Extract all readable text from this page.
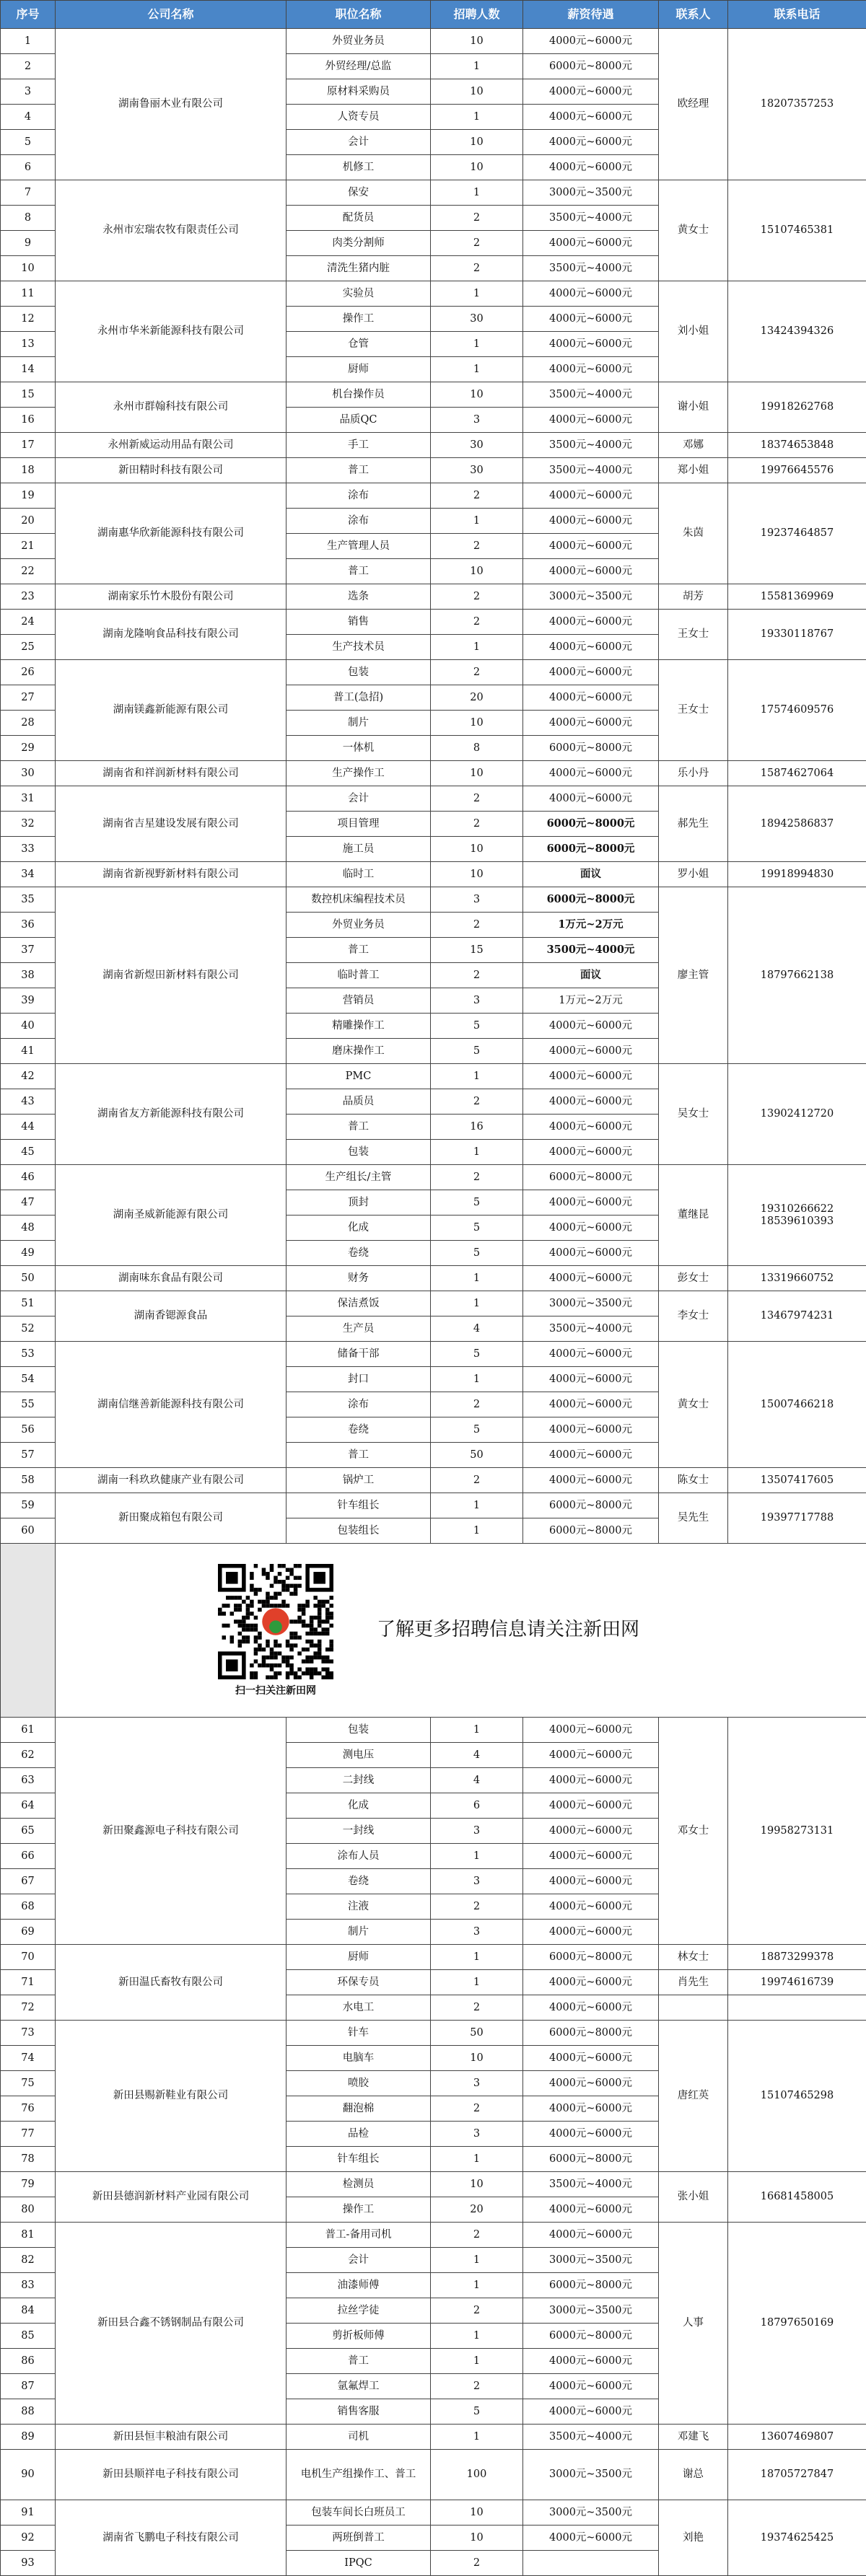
序号	公司名称	职位名称	招聘人数	薪资待遇	联系人	联系电话
1	湖南鲁丽木业有限公司	外贸业务员	10	4000元~6000元	欧经理	18207357253
2		外贸经理/总监	1	6000元~8000元		
3		原材料采购员	10	4000元~6000元		
4		人资专员	1	4000元~6000元		
5		会计	10	4000元~6000元		
6		机修工	10	4000元~6000元		
7	永州市宏瑞农牧有限责任公司	保安	1	3000元~3500元	黄女士	15107465381
8		配货员	2	3500元~4000元		
9		肉类分割师	2	4000元~6000元		
10		清洗生猪内脏	2	3500元~4000元		
11	永州市华米新能源科技有限公司	实验员	1	4000元~6000元	刘小姐	13424394326
12		操作工	30	4000元~6000元		
13		仓管	1	4000元~6000元		
14		厨师	1	4000元~6000元		
15	永州市群翰科技有限公司	机台操作员	10	3500元~4000元	谢小姐	19918262768
16		品质QC	3	4000元~6000元		
17	永州新威运动用品有限公司	手工	30	3500元~4000元	邓娜	18374653848
18	新田精时科技有限公司	普工	30	3500元~4000元	郑小姐	19976645576
19	湖南惠华欣新能源科技有限公司	涂布	2	4000元~6000元	朱茵	19237464857
20		涂布	1	4000元~6000元		
21		生产管理人员	2	4000元~6000元		
22		普工	10	4000元~6000元		
23	湖南家乐竹木股份有限公司	选条	2	3000元~3500元	胡芳	15581369969
24	湖南龙隆响食品科技有限公司	销售	2	4000元~6000元	王女士	19330118767
25		生产技术员	1	4000元~6000元		
26	湖南镁鑫新能源有限公司	包装	2	4000元~6000元	王女士	17574609576
27		普工(急招)	20	4000元~6000元		
28		制片	10	4000元~6000元		
29		一体机	8	6000元~8000元		
30	湖南省和祥润新材料有限公司	生产操作工	10	4000元~6000元	乐小丹	15874627064
31	湖南省吉星建设发展有限公司	会计	2	4000元~6000元	郝先生	18942586837
32		项目管理	2	6000元~8000元		
33		施工员	10	6000元~8000元		
34	湖南省新视野新材料有限公司	临时工	10	面议	罗小姐	19918994830
35	湖南省新煜田新材料有限公司	数控机床编程技术员	3	6000元~8000元	廖主管	18797662138
36		外贸业务员	2	1万元~2万元		
37		普工	15	3500元~4000元		
38		临时普工	2	面议		
39		营销员	3	1万元~2万元		
40		精雕操作工	5	4000元~6000元		
41		磨床操作工	5	4000元~6000元		
42	湖南省友方新能源科技有限公司	PMC	1	4000元~6000元	吴女士	13902412720
43		品质员	2	4000元~6000元		
44		普工	16	4000元~6000元		
45		包装	1	4000元~6000元		
46	湖南圣威新能源有限公司	生产组长/主管	2	6000元~8000元	董继昆	19310266622 18539610393
47		顶封	5	4000元~6000元		
48		化成	5	4000元~6000元		
49		卷绕	5	4000元~6000元		
50	湖南味东食品有限公司	财务	1	4000元~6000元	彭女士	13319660752
51	湖南香锶源食品	保洁煮饭	1	3000元~3500元	李女士	13467974231
52		生产员	4	3500元~4000元		
53	湖南信继善新能源科技有限公司	储备干部	5	4000元~6000元	黄女士	15007466218
54		封口	1	4000元~6000元		
55		涂布	2	4000元~6000元		
56		卷绕	5	4000元~6000元		
57		普工	50	4000元~6000元		
58	湖南一科玖玖健康产业有限公司	锅炉工	2	4000元~6000元	陈女士	13507417605
59	新田聚成箱包有限公司	针车组长	1	6000元~8000元	吴先生	19397717788
60		包装组长	1	6000元~8000元		

	扫一扫关注新田网
了解更多招聘信息请关注新田网					

61	新田聚鑫源电子科技有限公司	包装	1	4000元~6000元	邓女士	19958273131
62		测电压	4	4000元~6000元		
63		二封线	4	4000元~6000元		
64		化成	6	4000元~6000元		
65		一封线	3	4000元~6000元		
66		涂布人员	1	4000元~6000元		
67		卷绕	3	4000元~6000元		
68		注液	2	4000元~6000元		
69		制片	3	4000元~6000元		
70	新田温氏畜牧有限公司	厨师	1	6000元~8000元	林女士	18873299378
71		环保专员	1	4000元~6000元	肖先生	19974616739
72		水电工	2	4000元~6000元		
73	新田县赐新鞋业有限公司	针车	50	6000元~8000元	唐红英	15107465298
74		电脑车	10	4000元~6000元		
75		喷胶	3	4000元~6000元		
76		翻泡棉	2	4000元~6000元		
77		品检	3	4000元~6000元		
78		针车组长	1	6000元~8000元		
79	新田县德润新材料产业园有限公司	检测员	10	3500元~4000元	张小姐	16681458005
80		操作工	20	4000元~6000元		
81	新田县合鑫不锈钢制品有限公司	普工-备用司机	2	4000元~6000元	人事	18797650169
82		会计	1	3000元~3500元		
83		油漆师傅	1	6000元~8000元		
84		拉丝学徒	2	3000元~3500元		
85		剪折板师傅	1	6000元~8000元		
86		普工	1	4000元~6000元		
87		氩氟焊工	2	4000元~6000元		
88		销售客服	5	4000元~6000元		
89	新田县恒丰粮油有限公司	司机	1	3500元~4000元	邓建飞	13607469807
90	新田县顺祥电子科技有限公司	电机生产组操作工、普工	100	3000元~3500元	谢总	18705727847
91	湖南省飞鹏电子科技有限公司	包装车间长白班员工	10	3000元~3500元	刘艳	19374625425
92		两班倒普工	10	4000元~6000元		
93		IPQC	2			
